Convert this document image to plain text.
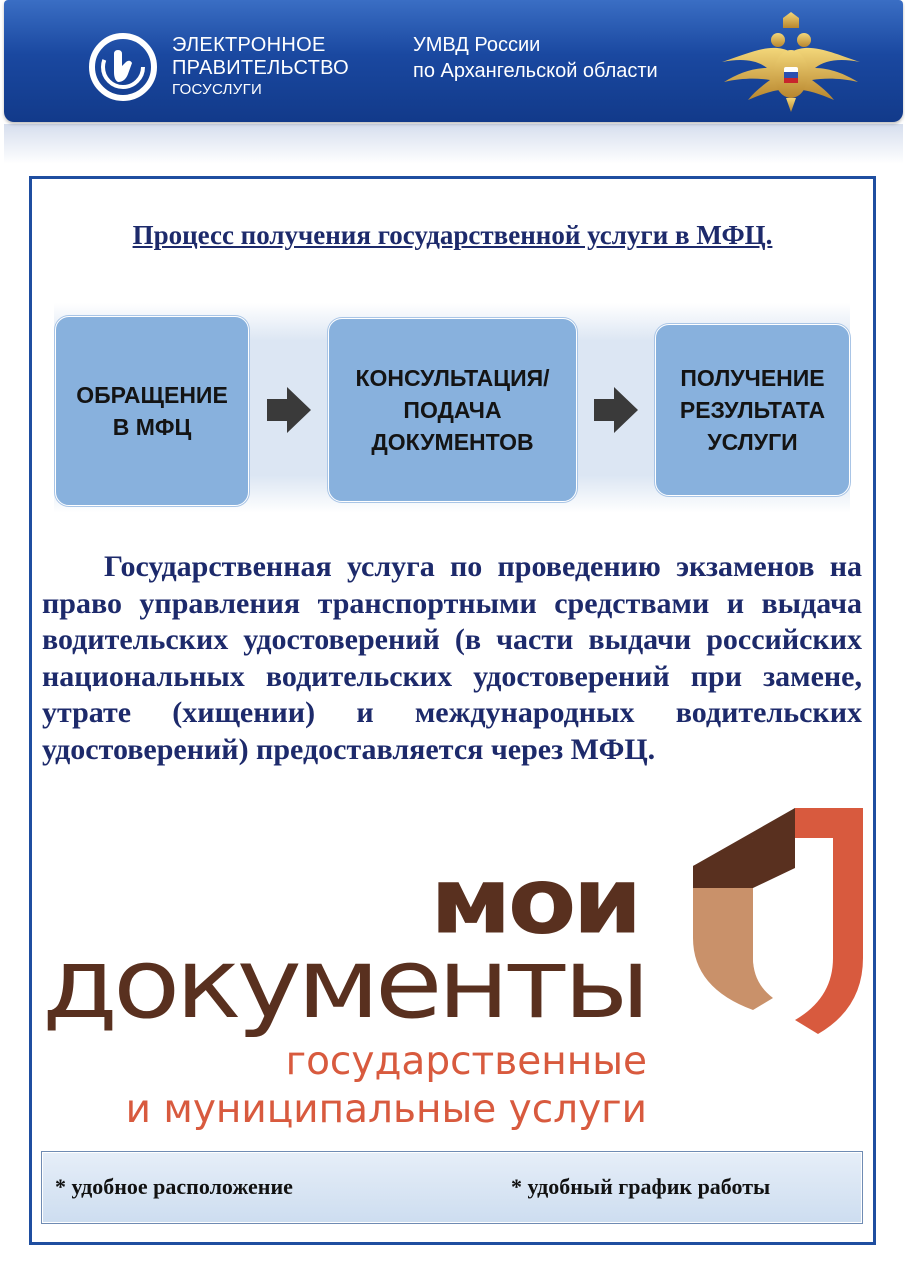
ЭЛЕКТРОННОЕ
ПРАВИТЕЛЬСТВО
ГОСУСЛУГИ
УМВД России
по Архангельской области
Процесс получения государственной услуги в МФЦ.
ОБРАЩЕНИЕ
В МФЦ
КОНСУЛЬТАЦИЯ/
ПОДАЧА
ДОКУМЕНТОВ
ПОЛУЧЕНИЕ
РЕЗУЛЬТАТА
УСЛУГИ
Государственная услуга по проведению экзаменов на право управления транспортными средствами и выдача водительских удостоверений (в части выдачи российских национальных водительских удостоверений при замене, утрате (хищении) и международных водительских удостоверений) предоставляется через МФЦ.
мои
документы
государственные
и муниципальные услуги
* удобное расположение	* удобный график работы
